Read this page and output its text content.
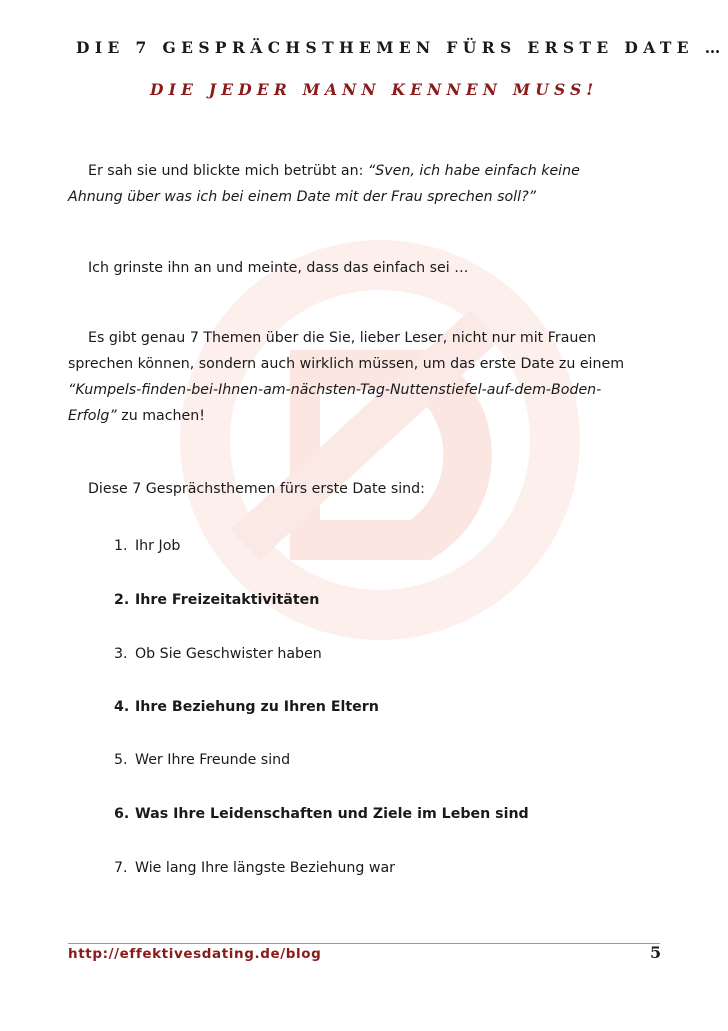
DIE 7 GESPRÄCHSTHEMEN FÜRS ERSTE DATE …
DIE JEDER MANN KENNEN MUSS!
Er sah sie und blickte mich betrübt an: “Sven, ich habe einfach keine
Ahnung über was ich bei einem Date mit der Frau sprechen soll?”
Ich grinste ihn an und meinte, dass das einfach sei …
Es gibt genau 7 Themen über die Sie, lieber Leser, nicht nur mit Frauen
sprechen können, sondern auch wirklich müssen, um das erste Date zu einem
“Kumpels-finden-bei-Ihnen-am-nächsten-Tag-Nuttenstiefel-auf-dem-Boden-
Erfolg” zu machen!
Diese 7 Gesprächsthemen fürs erste Date sind:
1. Ihr Job
2. Ihre Freizeitaktivitäten
3. Ob Sie Geschwister haben
4. Ihre Beziehung zu Ihren Eltern
5. Wer Ihre Freunde sind
6. Was Ihre Leidenschaften und Ziele im Leben sind
7. Wie lang Ihre längste Beziehung war
http://effektivesdating.de/blog	5
